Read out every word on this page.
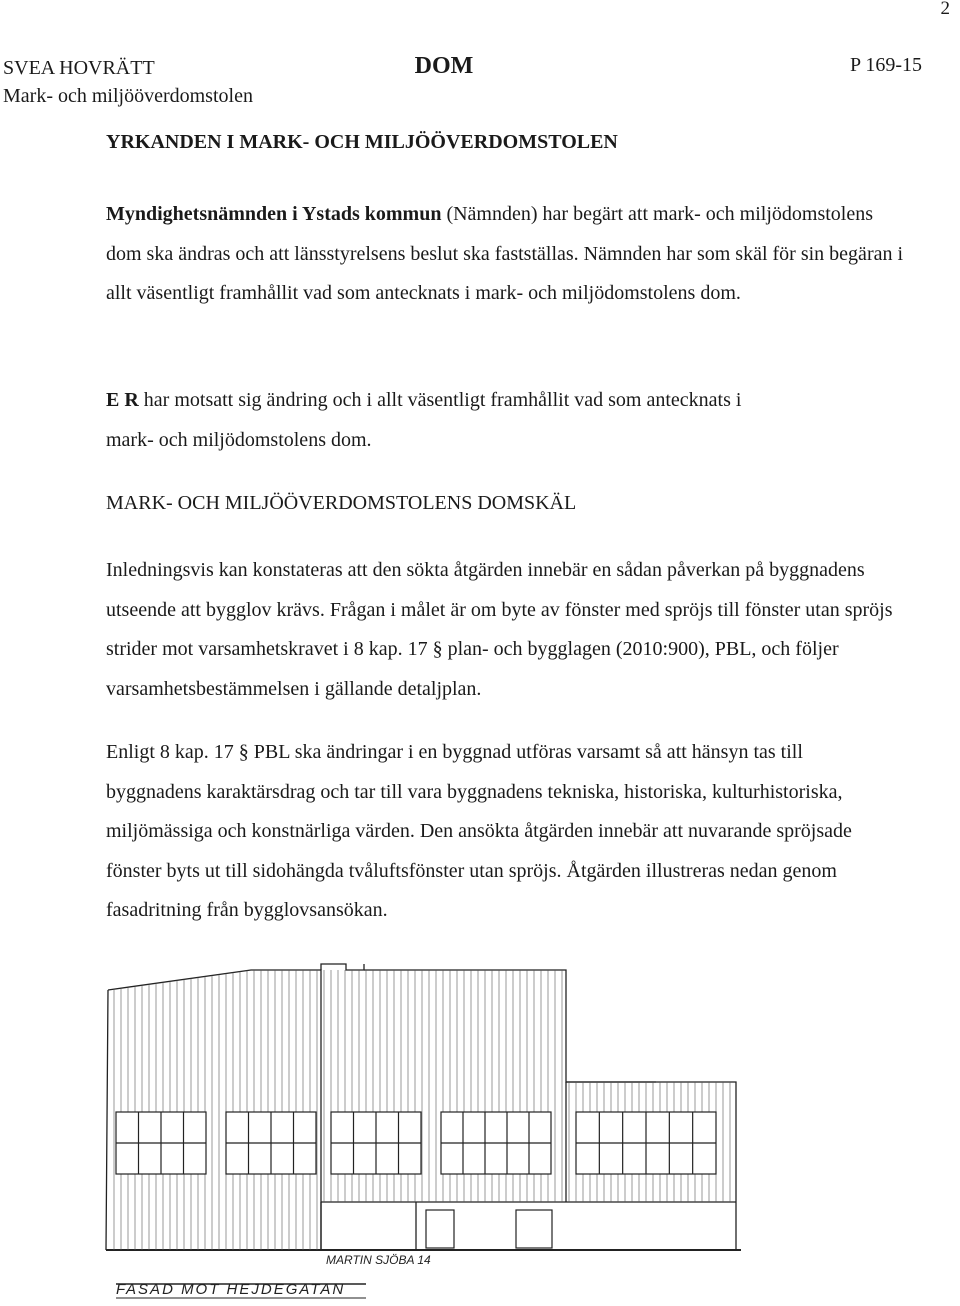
2
SVEA HOVRÄTT
Mark- och miljööverdomstolen
DOM	P 169-15
YRKANDEN I MARK- OCH MILJÖÖVERDOMSTOLEN
Myndighetsnämnden i Ystads kommun (Nämnden) har begärt att mark- och miljödomstolens dom ska ändras och att länsstyrelsens beslut ska fastställas. Nämnden har som skäl för sin begäran i allt väsentligt framhållit vad som antecknats i mark- och miljödomstolens dom.
E R har motsatt sig ändring och i allt väsentligt framhållit vad som antecknats i mark- och miljödomstolens dom.
MARK- OCH MILJÖÖVERDOMSTOLENS DOMSKÄL
Inledningsvis kan konstateras att den sökta åtgärden innebär en sådan påverkan på byggnadens utseende att bygglov krävs. Frågan i målet är om byte av fönster med spröjs till fönster utan spröjs strider mot varsamhetskravet i 8 kap. 17 § plan- och bygglagen (2010:900), PBL, och följer varsamhetsbestämmelsen i gällande detaljplan.
Enligt 8 kap. 17 § PBL ska ändringar i en byggnad utföras varsamt så att hänsyn tas till byggnadens karaktärsdrag och tar till vara byggnadens tekniska, historiska, kulturhistoriska, miljömässiga och konstnärliga värden. Den ansökta åtgärden innebär att nuvarande spröjsade fönster byts ut till sidohängda tvåluftsfönster utan spröjs. Åtgärden illustreras nedan genom fasadritning från bygglovsansökan.
MARTIN SJÖBA 14
FASAD MOT HEJDEGATAN
